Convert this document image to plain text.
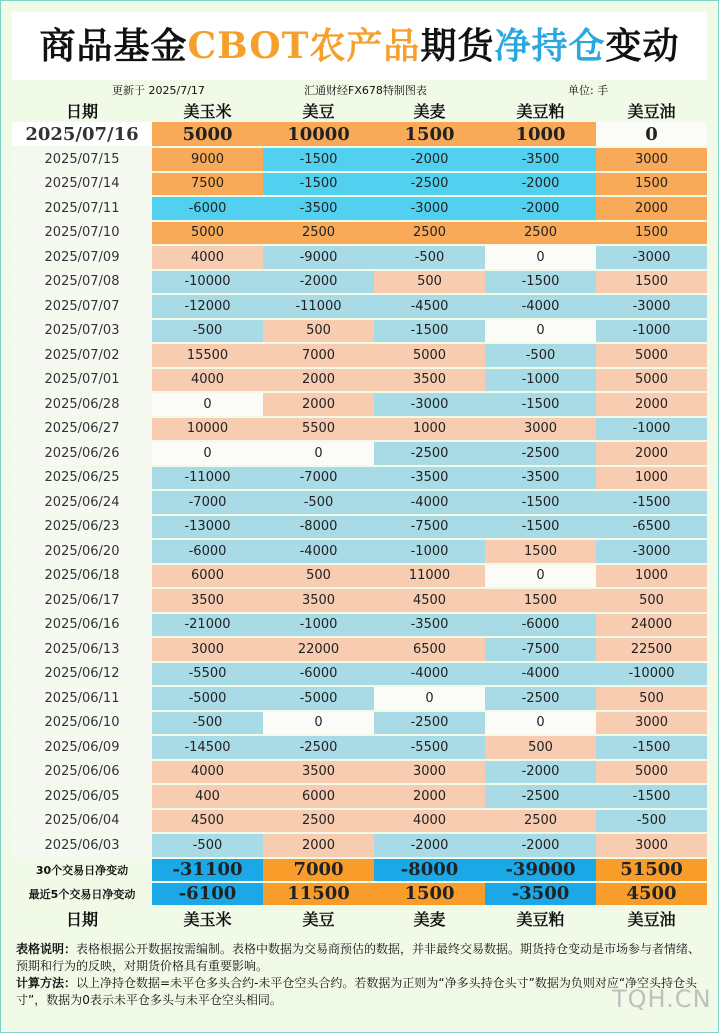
商品基金CBOT农产品期货净持仓变动
更新于 2025/7/17	汇通财经FX678特制图表	单位: 手
日期	美玉米	美豆	美麦	美豆粕	美豆油
2025/07/16	5000	10000	1500	1000	0
2025/07/15	9000	-1500	-2000	-3500	3000
2025/07/14	7500	-1500	-2500	-2000	1500
2025/07/11	-6000	-3500	-3000	-2000	2000
2025/07/10	5000	2500	2500	2500	1500
2025/07/09	4000	-9000	-500	0	-3000
2025/07/08	-10000	-2000	500	-1500	1500
2025/07/07	-12000	-11000	-4500	-4000	-3000
2025/07/03	-500	500	-1500	0	-1000
2025/07/02	15500	7000	5000	-500	5000
2025/07/01	4000	2000	3500	-1000	5000
2025/06/28	0	2000	-3000	-1500	2000
2025/06/27	10000	5500	1000	3000	-1000
2025/06/26	0	0	-2500	-2500	2000
2025/06/25	-11000	-7000	-3500	-3500	1000
2025/06/24	-7000	-500	-4000	-1500	-1500
2025/06/23	-13000	-8000	-7500	-1500	-6500
2025/06/20	-6000	-4000	-1000	1500	-3000
2025/06/18	6000	500	11000	0	1000
2025/06/17	3500	3500	4500	1500	500
2025/06/16	-21000	-1000	-3500	-6000	24000
2025/06/13	3000	22000	6500	-7500	22500
2025/06/12	-5500	-6000	-4000	-4000	-10000
2025/06/11	-5000	-5000	0	-2500	500
2025/06/10	-500	0	-2500	0	3000
2025/06/09	-14500	-2500	-5500	500	-1500
2025/06/06	4000	3500	3000	-2000	5000
2025/06/05	400	6000	2000	-2500	-1500
2025/06/04	4500	2500	4000	2500	-500
2025/06/03	-500	2000	-2000	-2000	3000
30个交易日净变动	-31100	7000	-8000	-39000	51500
最近5个交易日净变动	-6100	11500	1500	-3500	4500
日期	美玉米	美豆	美麦	美豆粕	美豆油
表格说明：表格根据公开数据按需编制。表格中数据为交易商预估的数据，并非最终交易数据。期货持仓变动是市场参与者情绪、预期和行为的反映，对期货价格具有重要影响。
计算方法：以上净持仓数据=未平仓多头合约-未平仓空头合约。若数据为正则为“净多头持仓头寸”数据为负则对应“净空头持仓头寸”，数据为0表示未平仓多头与未平仓空头相同。	TQH.CN
